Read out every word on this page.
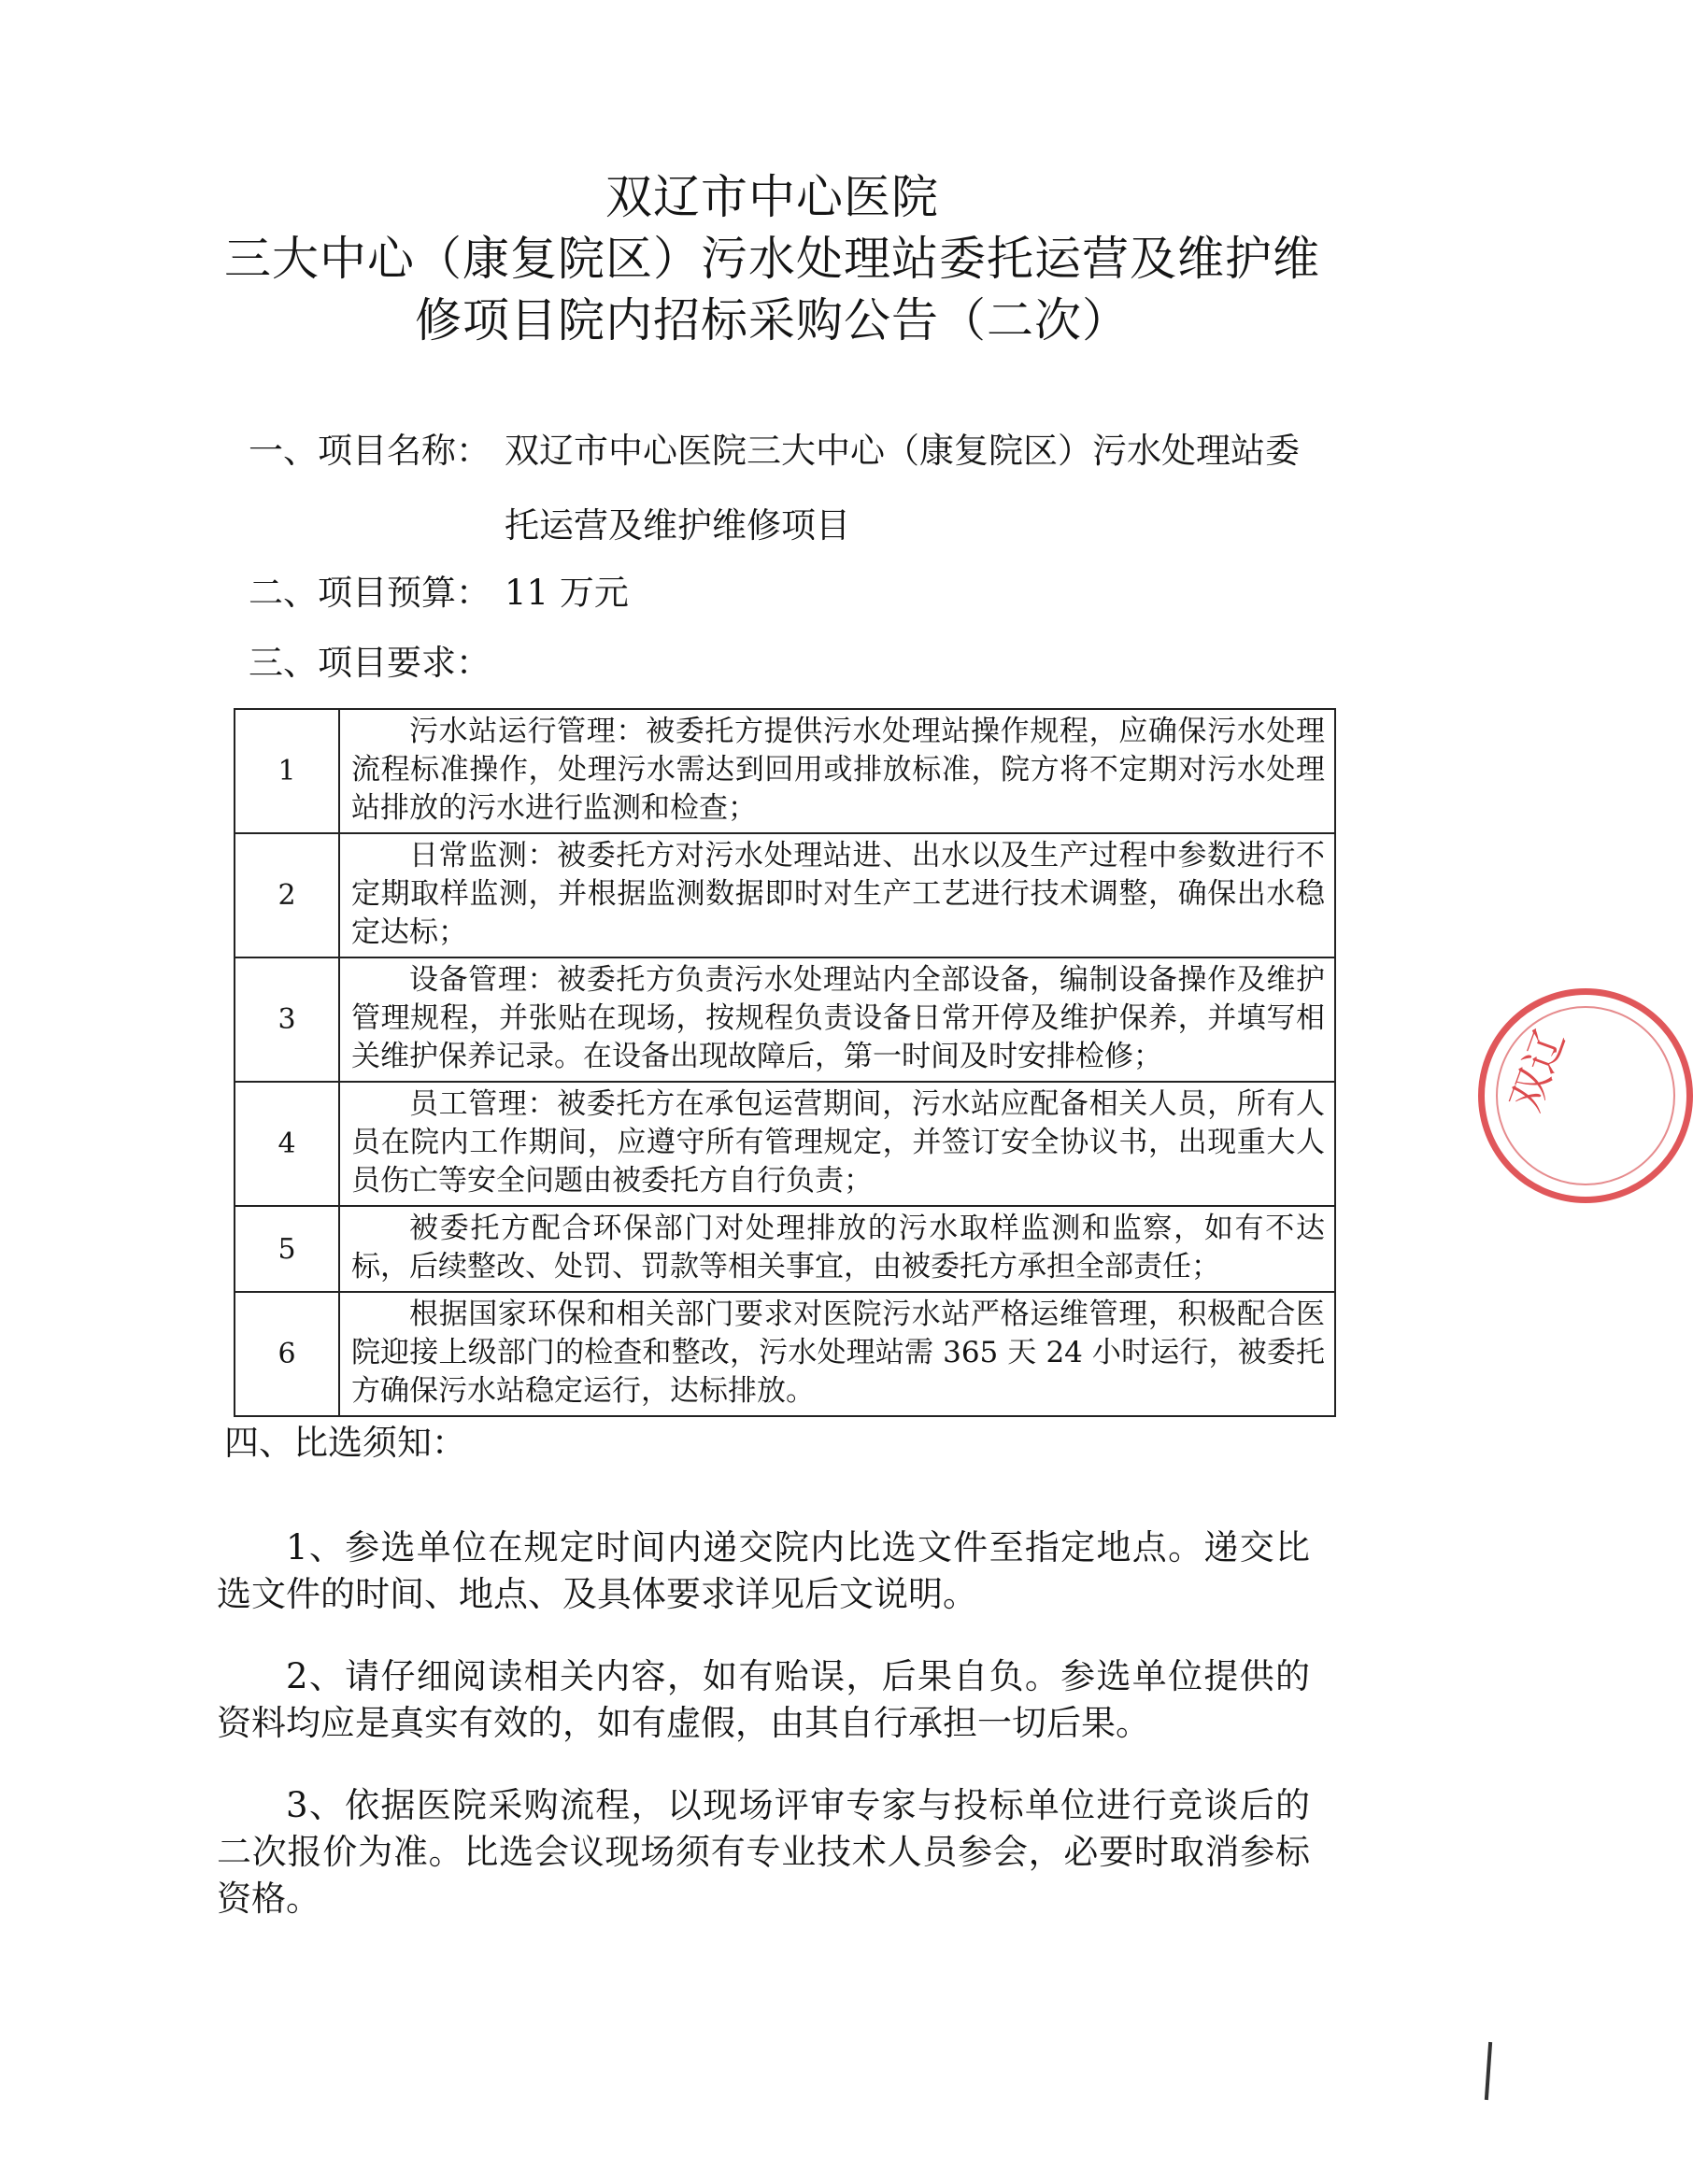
双辽市中心医院
三大中心（康复院区）污水处理站委托运营及维护维
修项目院内招标采购公告（二次）
一、项目名称： 双辽市中心医院三大中心（康复院区）污水处理站委
托运营及维护维修项目
二、项目预算： 11 万元
三、项目要求：
1	污水站运行管理：被委托方提供污水处理站操作规程，应确保污水处理流程标准操作，处理污水需达到回用或排放标准，院方将不定期对污水处理站排放的污水进行监测和检查；

2	日常监测：被委托方对污水处理站进、出水以及生产过程中参数进行不定期取样监测，并根据监测数据即时对生产工艺进行技术调整，确保出水稳定达标；

3	设备管理：被委托方负责污水处理站内全部设备，编制设备操作及维护管理规程，并张贴在现场，按规程负责设备日常开停及维护保养，并填写相关维护保养记录。在设备出现故障后，第一时间及时安排检修；

4	员工管理：被委托方在承包运营期间，污水站应配备相关人员，所有人员在院内工作期间，应遵守所有管理规定，并签订安全协议书，出现重大人员伤亡等安全问题由被委托方自行负责；

5	被委托方配合环保部门对处理排放的污水取样监测和监察，如有不达标，后续整改、处罚、罚款等相关事宜，由被委托方承担全部责任；

6	根据国家环保和相关部门要求对医院污水站严格运维管理，积极配合医院迎接上级部门的检查和整改，污水处理站需 365 天 24 小时运行，被委托方确保污水站稳定运行，达标排放。
四、比选须知：
1、参选单位在规定时间内递交院内比选文件至指定地点。递交比选文件的时间、地点、及具体要求详见后文说明。
2、请仔细阅读相关内容，如有贻误，后果自负。参选单位提供的资料均应是真实有效的，如有虚假，由其自行承担一切后果。
3、依据医院采购流程，以现场评审专家与投标单位进行竞谈后的二次报价为准。比选会议现场须有专业技术人员参会，必要时取消参标资格。
双辽
